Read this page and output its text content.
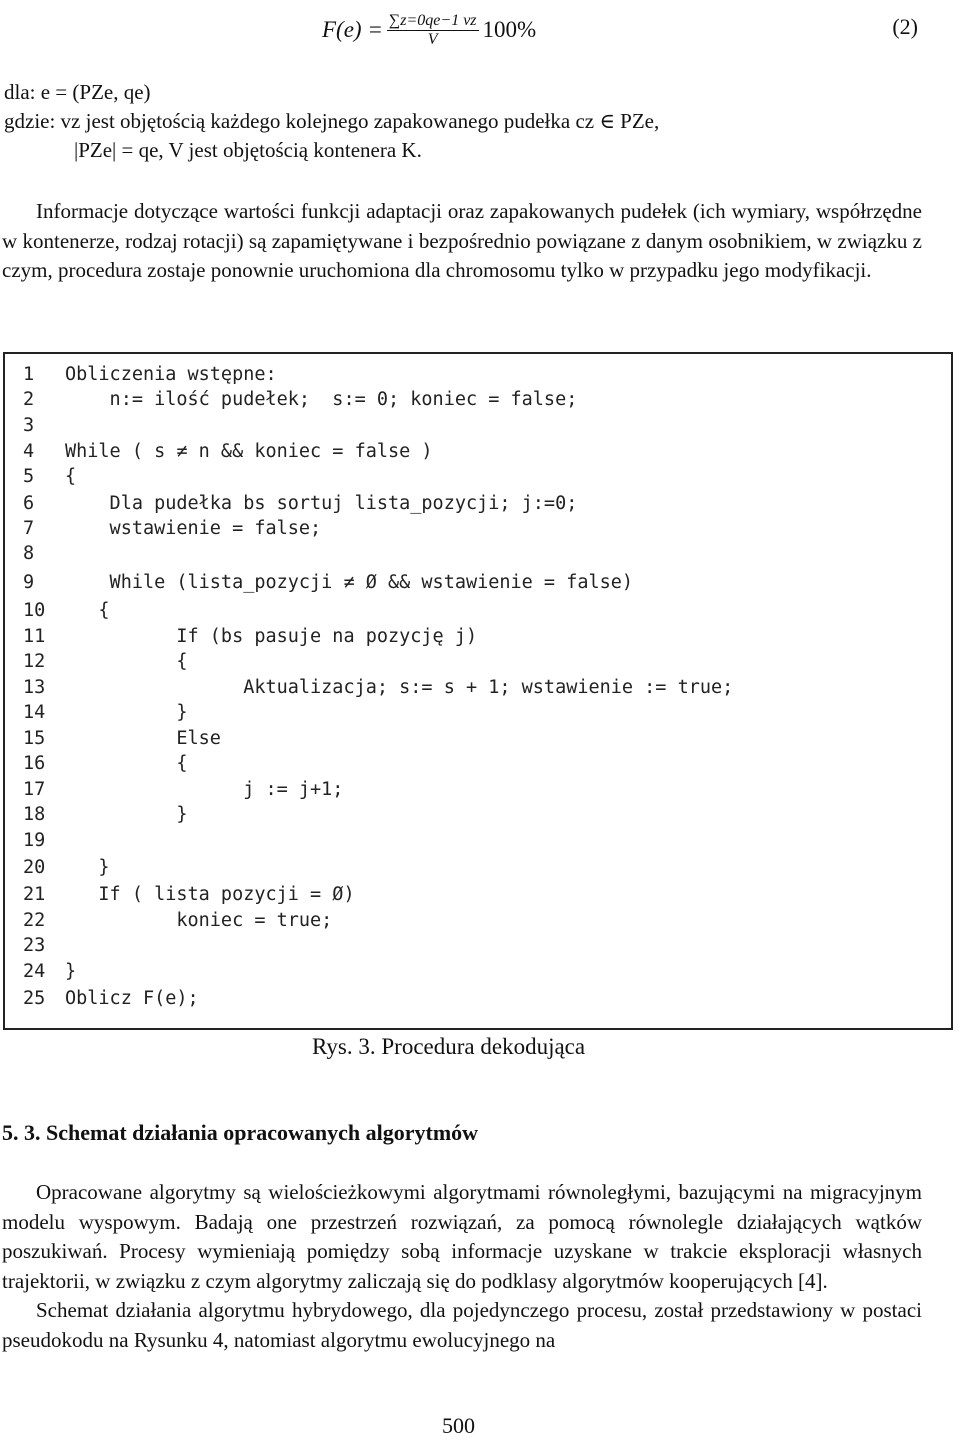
$F(e) = \frac{\sum z=0qe-1 vz}{V} 100\%$	(2)
dla: e = (PZe, qe)
gdzie: vz jest objętością każdego kolejnego zapakowanego pudełka cz ∈ PZe,
|PZe| = qe, V jest objętością kontenera K.

Informacje dotyczące wartości funkcji adaptacji oraz zapakowanych pudełek (ich wymiary, współrzędne w kontenerze, rodzaj rotacji) są zapamiętywane i bezpośrednio powiązane z danym osobnikiem, w związku z czym, procedura zostaje ponownie uruchomiona dla chromosomu tylko w przypadku jego modyfikacji.

1 Obliczenia wstępne:
2    n:= ilość pudełek;  s:= 0; koniec = false;
3
4 While ( s ≠ n && koniec = false )
5 {
6    Dla pudełka bs sortuj lista_pozycji; j:=0;
7    wstawienie = false;
8
9    While (lista_pozycji ≠ Ø && wstawienie = false)
10   {
11          If (bs pasuje na pozycję j)
12          {
13                Aktualizacja; s:= s + 1; wstawienie := true;
14          }
15          Else
16          {
17                j := j+1;
18          }
19
20   }
21   If ( lista pozycji = Ø)
22          koniec = true;
23
24 }
25 Oblicz F(e);
Rys. 3. Procedura dekodująca
5. 3. Schemat działania opracowanych algorytmów

Opracowane algorytmy są wielościeżkowymi algorytmami równoległymi, bazującymi na migracyjnym modelu wyspowym. Badają one przestrzeń rozwiązań, za pomocą równolegle działających wątków poszukiwań. Procesy wymieniają pomiędzy sobą informacje uzyskane w trakcie eksploracji własnych trajektorii, w związku z czym algorytmy zaliczają się do podklasy algorytmów kooperujących [4].

Schemat działania algorytmu hybrydowego, dla pojedynczego procesu, został przedstawiony w postaci pseudokodu na Rysunku 4, natomiast algorytmu ewolucyjnego na

500
